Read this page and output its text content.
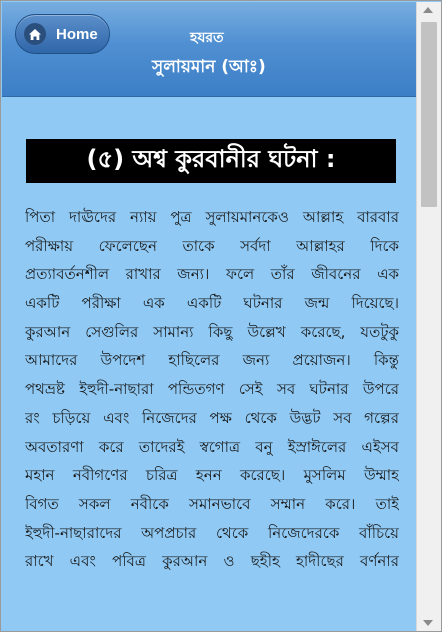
Home	হযরত
সুলায়মান (আঃ)
(৫) অশ্ব কুরবানীর ঘটনা :
পিতা দাঊদের ন্যায় পুত্র সুলায়মানকেও আল্লাহ বারবার
পরীক্ষায় ফেলেছেন তাকে সর্বদা আল্লাহর দিকে
প্রত্যাবর্তনশীল রাখার জন্য। ফলে তাঁর জীবনের এক
একটি পরীক্ষা এক একটি ঘটনার জন্ম দিয়েছে।
কুরআন সেগুলির সামান্য কিছু উল্লেখ করেছে, যতটুকু
আমাদের উপদেশ হাছিলের জন্য প্রয়োজন। কিন্তু
পথভ্রষ্ট ইহুদী-নাছারা পন্ডিতগণ সেই সব ঘটনার উপরে
রং চড়িয়ে এবং নিজেদের পক্ষ থেকে উদ্ভট সব গল্পের
অবতারণা করে তাদেরই স্বগোত্র বনু ইস্রাঈলের এইসব
মহান নবীগণের চরিত্র হনন করেছে। মুসলিম উম্মাহ
বিগত সকল নবীকে সমানভাবে সম্মান করে। তাই
ইহুদী-নাছারাদের অপপ্রচার থেকে নিজেদেরকে বাঁচিয়ে
রাখে এবং পবিত্র কুরআন ও ছহীহ হাদীছের বর্ণনার
